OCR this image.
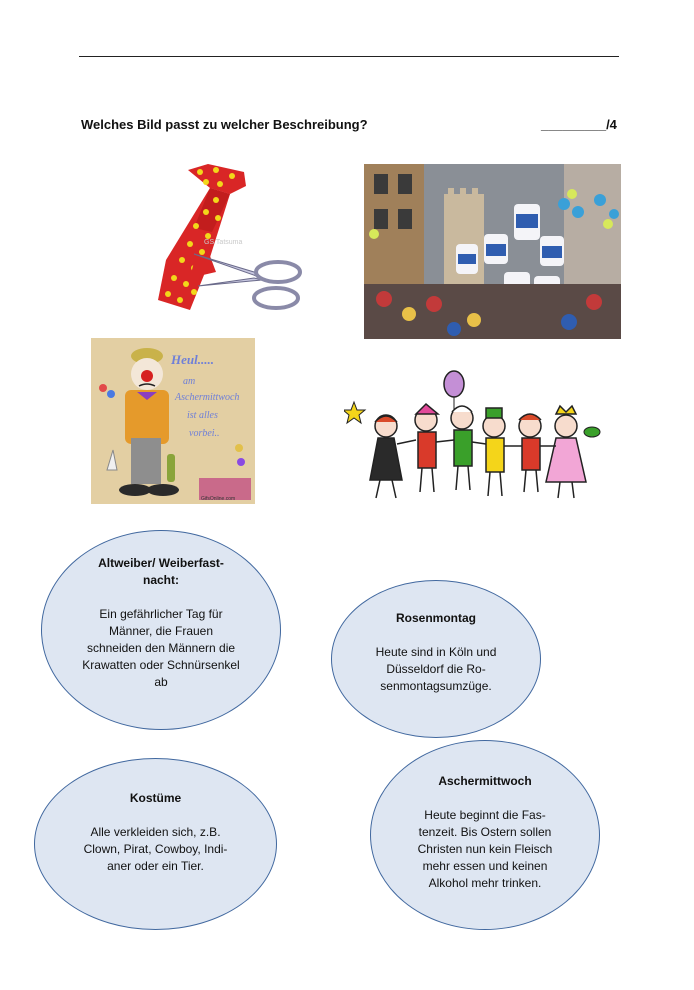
Welches Bild passt zu welcher Beschreibung?	_________/4
GS Tatsuma
Heul.....
am
Aschermittwoch
ist alles
vorbei..
GifsOnline.com
Altweiber/ Weiberfast-nacht:
Ein gefährlicher Tag für Männer, die Frauen schneiden den Männern die Krawatten oder Schnürsenkel ab
Rosenmontag
Heute sind in Köln und Düsseldorf die Ro-senmontagsumzüge.
Kostüme
Alle verkleiden sich, z.B. Clown, Pirat, Cowboy, Indi-aner oder ein Tier.
Aschermittwoch
Heute beginnt die Fas-tenzeit. Bis Ostern sollen Christen nun kein Fleisch mehr essen und keinen Alkohol mehr trinken.
